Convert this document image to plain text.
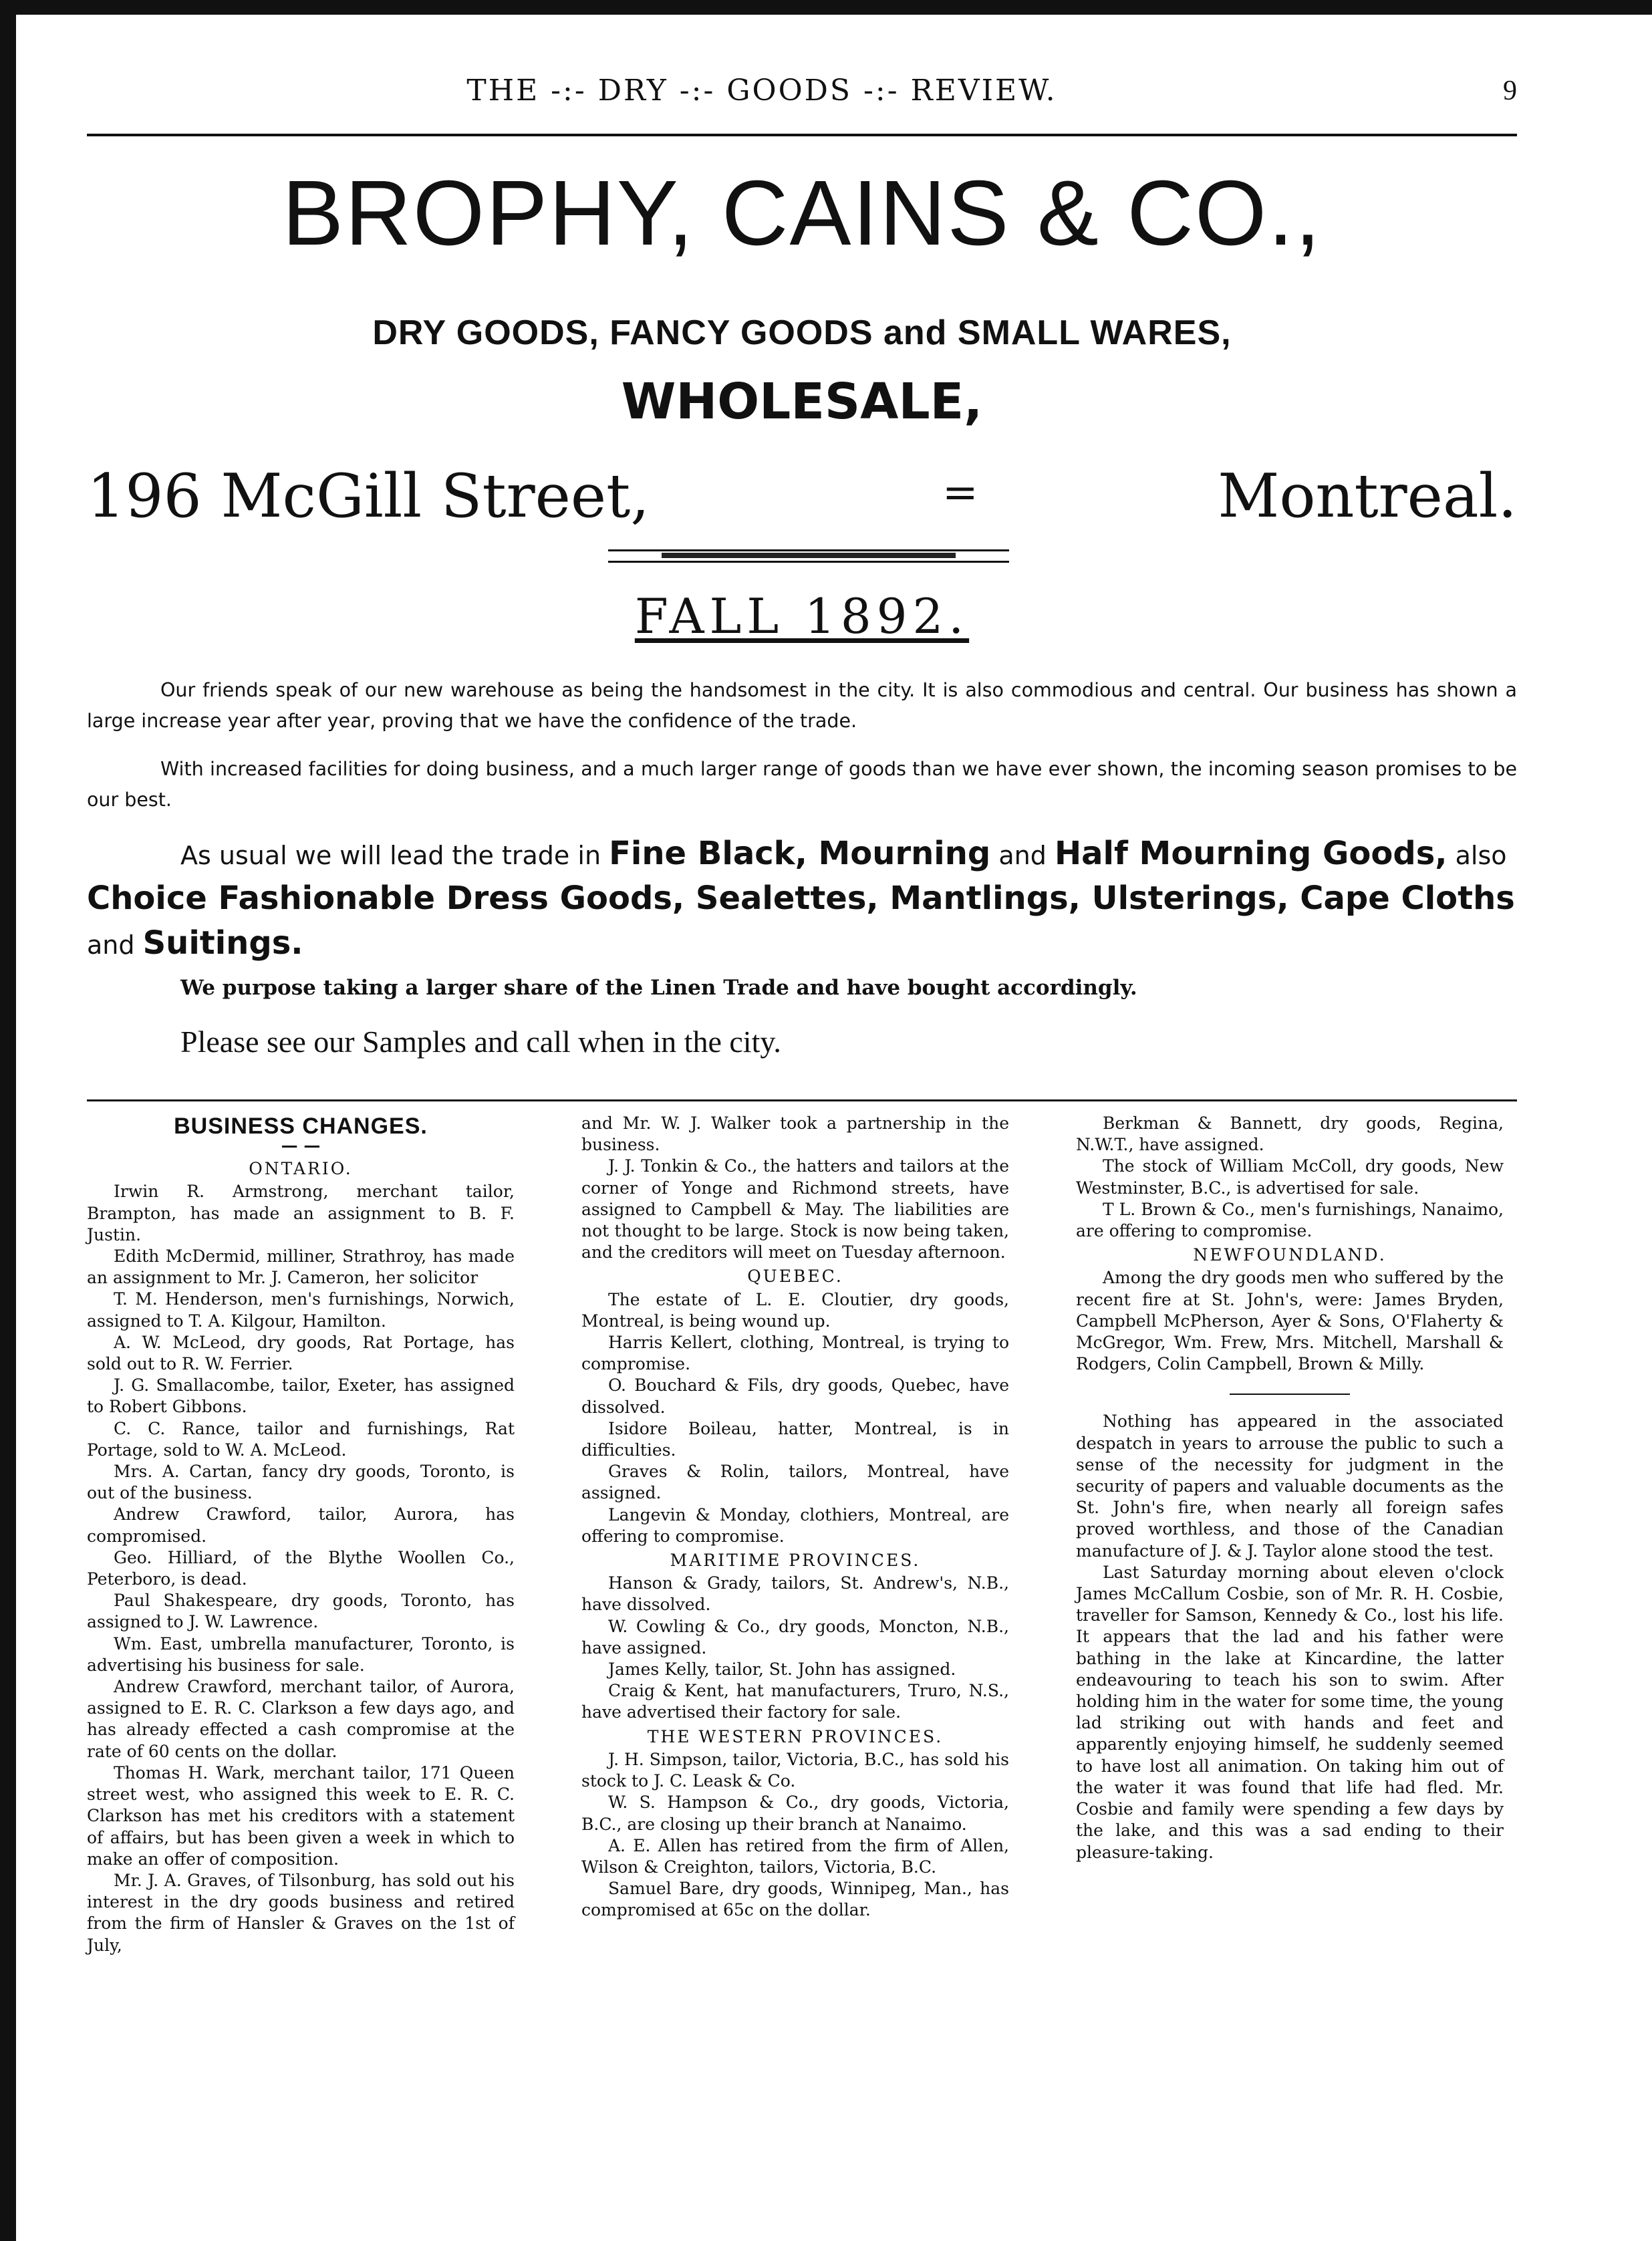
THE -:- DRY -:- GOODS -:- REVIEW.	9
BROPHY, CAINS & CO.,
DRY GOODS, FANCY GOODS and SMALL WARES,
WHOLESALE,
196 McGill Street,	=	Montreal.
FALL 1892.
Our friends speak of our new warehouse as being the handsomest in the city. It is also commodious and central. Our business has shown a large increase year after year, proving that we have the confidence of the trade.
With increased facilities for doing business, and a much larger range of goods than we have ever shown, the incoming season promises to be our best.
As usual we will lead the trade in Fine Black, Mourning and Half Mourning Goods, also Choice Fashionable Dress Goods, Sealettes, Mantlings, Ulsterings, Cape Cloths and Suitings.
We purpose taking a larger share of the Linen Trade and have bought accordingly.
Please see our Samples and call when in the city.
BUSINESS CHANGES.
— —
ONTARIO.

Irwin R. Armstrong, merchant tailor, Brampton, has made an assignment to B. F. Justin.

Edith McDermid, milliner, Strathroy, has made an assignment to Mr. J. Cameron, her solicitor

T. M. Henderson, men's furnishings, Norwich, assigned to T. A. Kilgour, Hamilton.

A. W. McLeod, dry goods, Rat Portage, has sold out to R. W. Ferrier.

J. G. Smallacombe, tailor, Exeter, has assigned to Robert Gibbons.

C. C. Rance, tailor and furnishings, Rat Portage, sold to W. A. McLeod.

Mrs. A. Cartan, fancy dry goods, Toronto, is out of the business.

Andrew Crawford, tailor, Aurora, has compromised.

Geo. Hilliard, of the Blythe Woollen Co., Peterboro, is dead.

Paul Shakespeare, dry goods, Toronto, has assigned to J. W. Lawrence.

Wm. East, umbrella manufacturer, Toronto, is advertising his business for sale.

Andrew Crawford, merchant tailor, of Aurora, assigned to E. R. C. Clarkson a few days ago, and has already effected a cash compromise at the rate of 60 cents on the dollar.

Thomas H. Wark, merchant tailor, 171 Queen street west, who assigned this week to E. R. C. Clarkson has met his creditors with a statement of affairs, but has been given a week in which to make an offer of composition.

Mr. J. A. Graves, of Tilsonburg, has sold out his interest in the dry goods business and retired from the firm of Hansler & Graves on the 1st of July,

and Mr. W. J. Walker took a partnership in the business.

J. J. Tonkin & Co., the hatters and tailors at the corner of Yonge and Richmond streets, have assigned to Campbell & May. The liabilities are not thought to be large. Stock is now being taken, and the creditors will meet on Tuesday afternoon.

QUEBEC.

The estate of L. E. Cloutier, dry goods, Montreal, is being wound up.

Harris Kellert, clothing, Montreal, is trying to compromise.

O. Bouchard & Fils, dry goods, Quebec, have dissolved.

Isidore Boileau, hatter, Montreal, is in difficulties.

Graves & Rolin, tailors, Montreal, have assigned.

Langevin & Monday, clothiers, Montreal, are offering to compromise.

MARITIME PROVINCES.

Hanson & Grady, tailors, St. Andrew's, N.B., have dissolved.

W. Cowling & Co., dry goods, Moncton, N.B., have assigned.

James Kelly, tailor, St. John has assigned.

Craig & Kent, hat manufacturers, Truro, N.S., have advertised their factory for sale.

THE WESTERN PROVINCES.

J. H. Simpson, tailor, Victoria, B.C., has sold his stock to J. C. Leask & Co.

W. S. Hampson & Co., dry goods, Victoria, B.C., are closing up their branch at Nanaimo.

A. E. Allen has retired from the firm of Allen, Wilson & Creighton, tailors, Victoria, B.C.

Samuel Bare, dry goods, Winnipeg, Man., has compromised at 65c on the dollar.

Berkman & Bannett, dry goods, Regina, N.W.T., have assigned.

The stock of William McColl, dry goods, New Westminster, B.C., is advertised for sale.

T L. Brown & Co., men's furnishings, Nanaimo, are offering to compromise.

NEWFOUNDLAND.

Among the dry goods men who suffered by the recent fire at St. John's, were: James Bryden, Campbell McPherson, Ayer & Sons, O'Flaherty & McGregor, Wm. Frew, Mrs. Mitchell, Marshall & Rodgers, Colin Campbell, Brown & Milly.

Nothing has appeared in the associated despatch in years to arrouse the public to such a sense of the necessity for judgment in the security of papers and valuable documents as the St. John's fire, when nearly all foreign safes proved worthless, and those of the Canadian manufacture of J. & J. Taylor alone stood the test.

Last Saturday morning about eleven o'clock James McCallum Cosbie, son of Mr. R. H. Cosbie, traveller for Samson, Kennedy & Co., lost his life. It appears that the lad and his father were bathing in the lake at Kincardine, the latter endeavouring to teach his son to swim. After holding him in the water for some time, the young lad striking out with hands and feet and apparently enjoying himself, he suddenly seemed to have lost all animation. On taking him out of the water it was found that life had fled. Mr. Cosbie and family were spending a few days by the lake, and this was a sad ending to their pleasure-taking.
